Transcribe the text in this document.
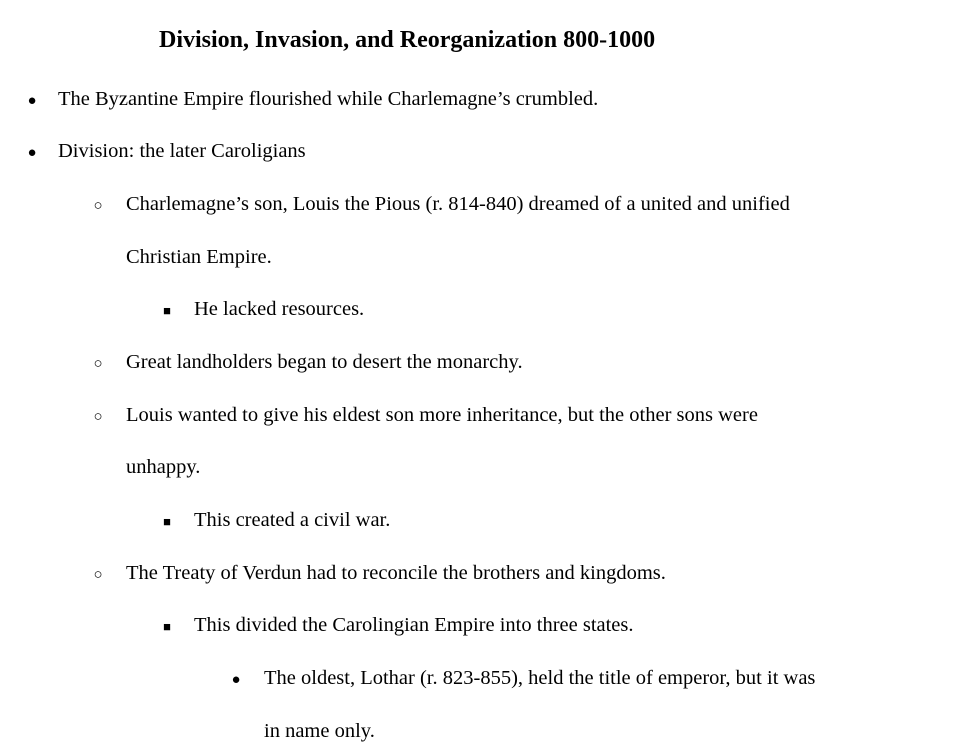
Division, Invasion, and Reorganization 800-1000
●
The Byzantine Empire flourished while Charlemagne’s crumbled.
●
Division: the later Caroligians
○
Charlemagne’s son, Louis the Pious (r. 814-840) dreamed of a united and unified
Christian Empire.
■
He lacked resources.
○
Great landholders began to desert the monarchy.
○
Louis wanted to give his eldest son more inheritance, but the other sons were
unhappy.
■
This created a civil war.
○
The Treaty of Verdun had to reconcile the brothers and kingdoms.
■
This divided the Carolingian Empire into three states.
●
The oldest, Lothar (r. 823-855), held the title of emperor, but it was
in name only.
